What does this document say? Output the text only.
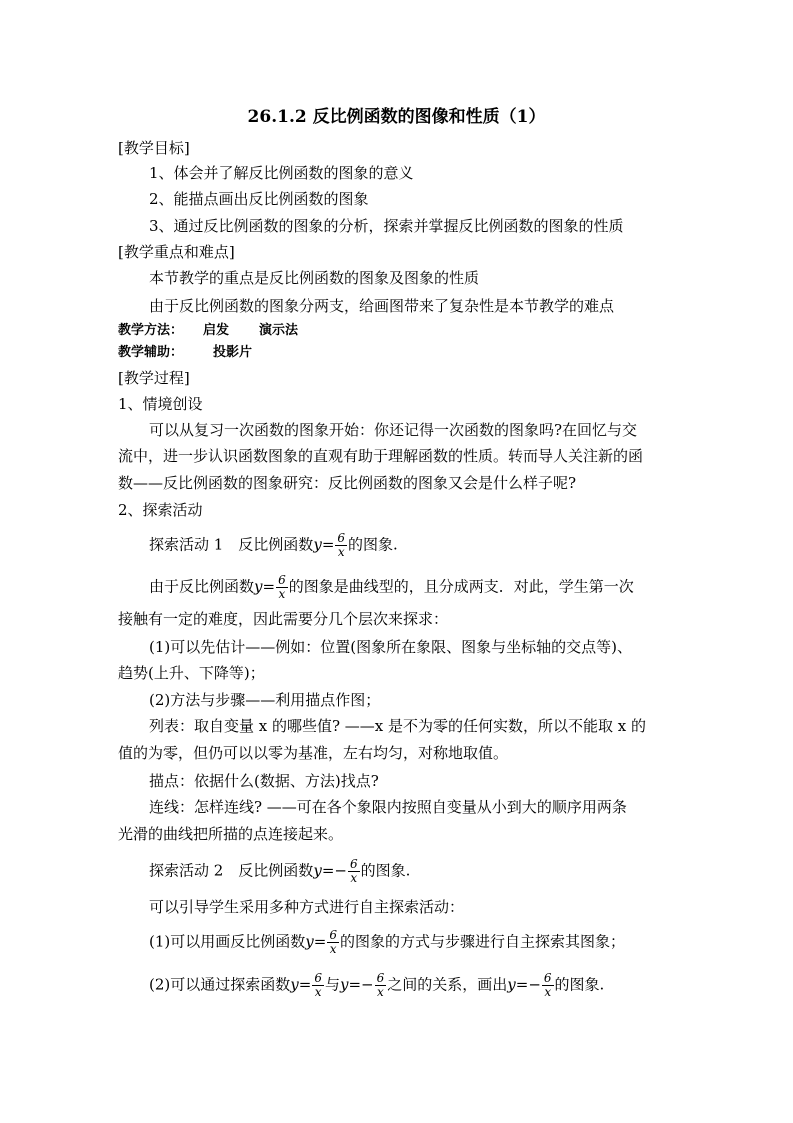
26.1.2 反比例函数的图像和性质（1）
[教学目标]
1、体会并了解反比例函数的图象的意义
2、能描点画出反比例函数的图象
3、通过反比例函数的图象的分析，探索并掌握反比例函数的图象的性质
[教学重点和难点]
本节教学的重点是反比例函数的图象及图象的性质
由于反比例函数的图象分两支，给画图带来了复杂性是本节教学的难点
教学方法： 启发 演示法
教学辅助： 投影片
[教学过程]
1、情境创设
可以从复习一次函数的图象开始：你还记得一次函数的图象吗?在回忆与交
流中，进一步认识函数图象的直观有助于理解函数的性质。转而导人关注新的函
数——反比例函数的图象研究：反比例函数的图象又会是什么样子呢?
2、探索活动
探索活动 1　反比例函数$y= \frac{6}{x}$ 的图象.
由于反比例函数$y= \frac{6}{x}$ 的图象是曲线型的，且分成两支．对此，学生第一次
接触有一定的难度，因此需要分几个层次来探求：
(1)可以先估计——例如：位置(图象所在象限、图象与坐标轴的交点等)、
趋势(上升、下降等)；
(2)方法与步骤——利用描点作图；
列表：取自变量 x 的哪些值? ——x 是不为零的任何实数，所以不能取 x 的
值的为零，但仍可以以零为基准，左右均匀，对称地取值。
描点：依据什么(数据、方法)找点?
连线：怎样连线? ——可在各个象限内按照自变量从小到大的顺序用两条
光滑的曲线把所描的点连接起来。
探索活动 2　反比例函数$y=- \frac{6}{x}$ 的图象.
可以引导学生采用多种方式进行自主探索活动：
(1)可以用画反比例函数$y= \frac{6}{x}$ 的图象的方式与步骤进行自主探索其图象；
(2)可以通过探索函数$y= \frac{6}{x}$ 与$y=- \frac{6}{x}$ 之间的关系，画出$y=- \frac{6}{x}$ 的图象.
